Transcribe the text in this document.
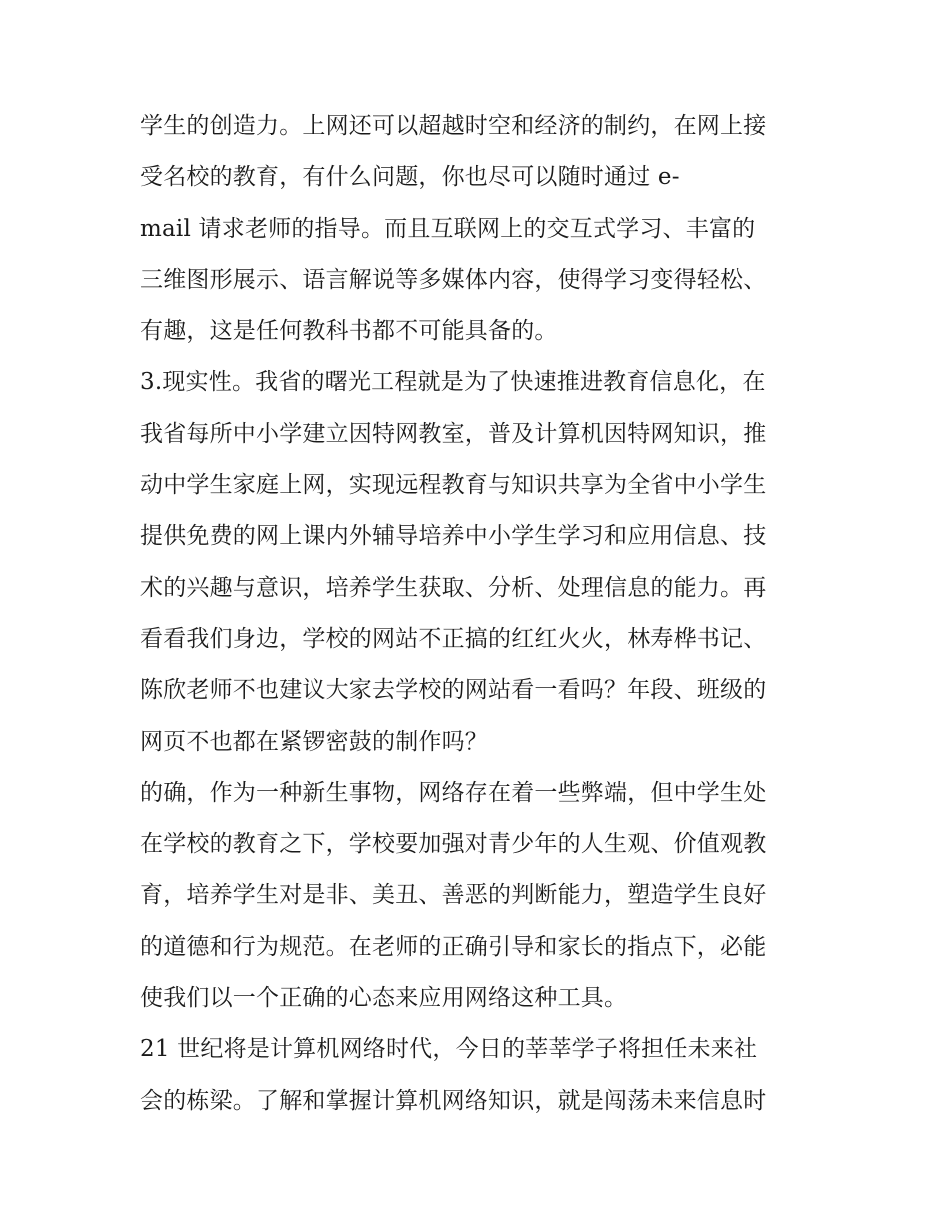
学生的创造力。上网还可以超越时空和经济的制约，在网上接
受名校的教育，有什么问题，你也尽可以随时通过 e-
mail 请求老师的指导。而且互联网上的交互式学习、丰富的
三维图形展示、语言解说等多媒体内容，使得学习变得轻松、
有趣，这是任何教科书都不可能具备的。
3.现实性。我省的曙光工程就是为了快速推进教育信息化，在
我省每所中小学建立因特网教室，普及计算机因特网知识，推
动中学生家庭上网，实现远程教育与知识共享为全省中小学生
提供免费的网上课内外辅导培养中小学生学习和应用信息、技
术的兴趣与意识，培养学生获取、分析、处理信息的能力。再
看看我们身边，学校的网站不正搞的红红火火，林寿桦书记、
陈欣老师不也建议大家去学校的网站看一看吗？年段、班级的
网页不也都在紧锣密鼓的制作吗？
的确，作为一种新生事物，网络存在着一些弊端，但中学生处
在学校的教育之下，学校要加强对青少年的人生观、价值观教
育，培养学生对是非、美丑、善恶的判断能力，塑造学生良好
的道德和行为规范。在老师的正确引导和家长的指点下，必能
使我们以一个正确的心态来应用网络这种工具。
21 世纪将是计算机网络时代，今日的莘莘学子将担任未来社
会的栋梁。了解和掌握计算机网络知识，就是闯荡未来信息时
